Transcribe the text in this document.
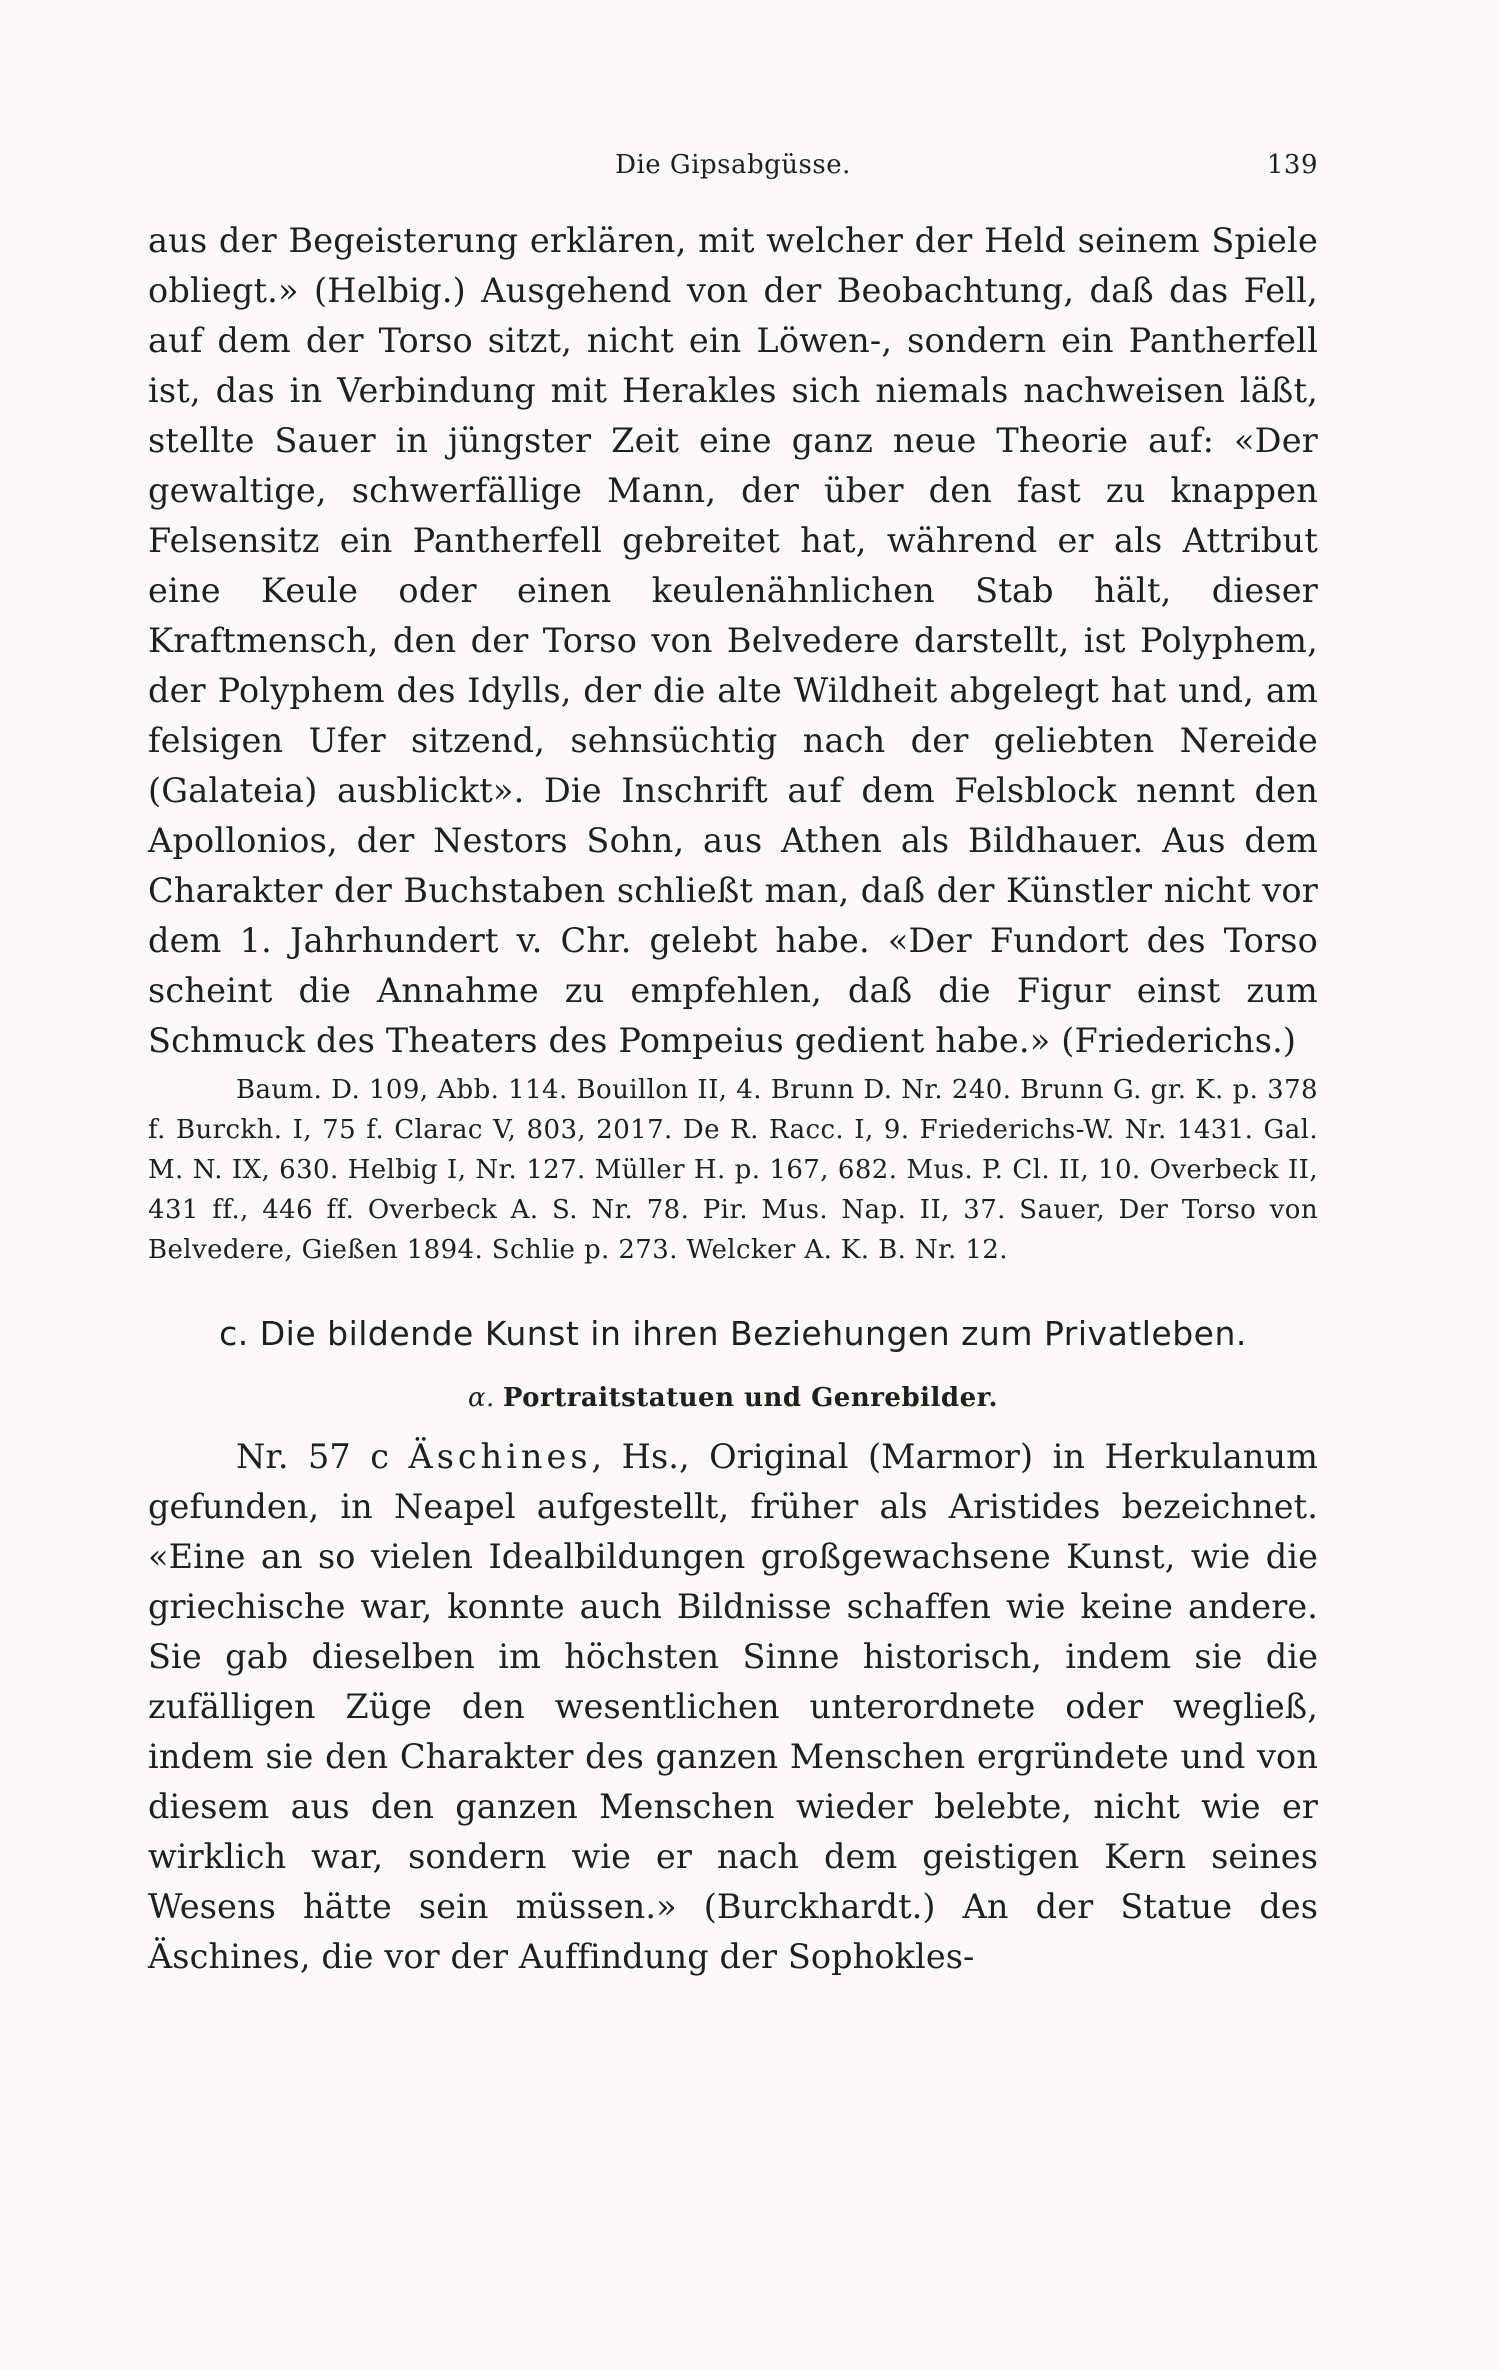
Die Gipsabgüsse.	139

aus der Begeisterung erklären, mit welcher der Held seinem Spiele obliegt.» (Helbig.) Ausgehend von der Beobachtung, daß das Fell, auf dem der Torso sitzt, nicht ein Löwen-, sondern ein Pantherfell ist, das in Verbindung mit Herakles sich niemals nachweisen läßt, stellte Sauer in jüngster Zeit eine ganz neue Theorie auf: «Der gewaltige, schwerfällige Mann, der über den fast zu knappen Felsensitz ein Pantherfell gebreitet hat, während er als Attribut eine Keule oder einen keulenähnlichen Stab hält, dieser Kraftmensch, den der Torso von Belvedere darstellt, ist Polyphem, der Polyphem des Idylls, der die alte Wildheit abgelegt hat und, am felsigen Ufer sitzend, sehnsüchtig nach der geliebten Nereide (Galateia) ausblickt». Die Inschrift auf dem Felsblock nennt den Apollonios, der Nestors Sohn, aus Athen als Bildhauer. Aus dem Charakter der Buchstaben schließt man, daß der Künstler nicht vor dem 1. Jahrhundert v. Chr. gelebt habe. «Der Fundort des Torso scheint die Annahme zu empfehlen, daß die Figur einst zum Schmuck des Theaters des Pompeius gedient habe.» (Friederichs.)

Baum. D. 109, Abb. 114. Bouillon II, 4. Brunn D. Nr. 240. Brunn G. gr. K. p. 378 f. Burckh. I, 75 f. Clarac V, 803, 2017. De R. Racc. I, 9. Friederichs-W. Nr. 1431. Gal. M. N. IX, 630. Helbig I, Nr. 127. Müller H. p. 167, 682. Mus. P. Cl. II, 10. Overbeck II, 431 ff., 446 ff. Overbeck A. S. Nr. 78. Pir. Mus. Nap. II, 37. Sauer, Der Torso von Belvedere, Gießen 1894. Schlie p. 273. Welcker A. K. B. Nr. 12.

c. Die bildende Kunst in ihren Beziehungen zum Privatleben.
α. Portraitstatuen und Genrebilder.

Nr. 57 c Äschines, Hs., Original (Marmor) in Herkulanum gefunden, in Neapel aufgestellt, früher als Aristides bezeichnet. «Eine an so vielen Idealbildungen großgewachsene Kunst, wie die griechische war, konnte auch Bildnisse schaffen wie keine andere. Sie gab dieselben im höchsten Sinne historisch, indem sie die zufälligen Züge den wesentlichen unterordnete oder wegließ, indem sie den Charakter des ganzen Menschen ergründete und von diesem aus den ganzen Menschen wieder belebte, nicht wie er wirklich war, sondern wie er nach dem geistigen Kern seines Wesens hätte sein müssen.» (Burckhardt.) An der Statue des Äschines, die vor der Auffindung der Sophokles-
